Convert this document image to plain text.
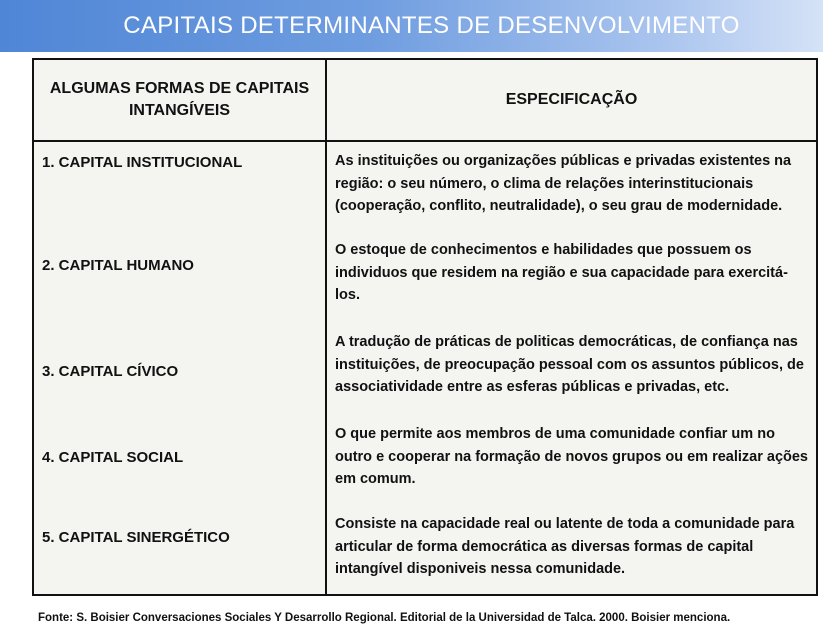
CAPITAIS DETERMINANTES DE DESENVOLVIMENTO
ALGUMAS FORMAS DE CAPITAIS INTANGÍVEIS	ESPECIFICAÇÃO

1. CAPITAL INSTITUCIONAL	As instituições ou organizações públicas e privadas existentes na região: o seu número, o clima de relações interinstitucionais (cooperação, conflito, neutralidade), o seu grau de modernidade.

2. CAPITAL HUMANO	O estoque de conhecimentos e habilidades que possuem os individuos que residem na região e sua capacidade para exercitá-los.

3. CAPITAL CÍVICO	A tradução de práticas de politicas democráticas, de confiança nas instituições, de preocupação pessoal com os assuntos públicos, de associatividade entre as esferas públicas e privadas, etc.

4. CAPITAL SOCIAL	O que permite aos membros de uma comunidade confiar um no outro e cooperar na formação de novos grupos ou em realizar ações em comum.

5. CAPITAL SINERGÉTICO	Consiste na capacidade real ou latente de toda a comunidade para articular de forma democrática as diversas formas de capital intangível disponiveis nessa comunidade.
Fonte: S. Boisier Conversaciones Sociales Y Desarrollo Regional. Editorial de la Universidad de Talca. 2000. Boisier menciona.
